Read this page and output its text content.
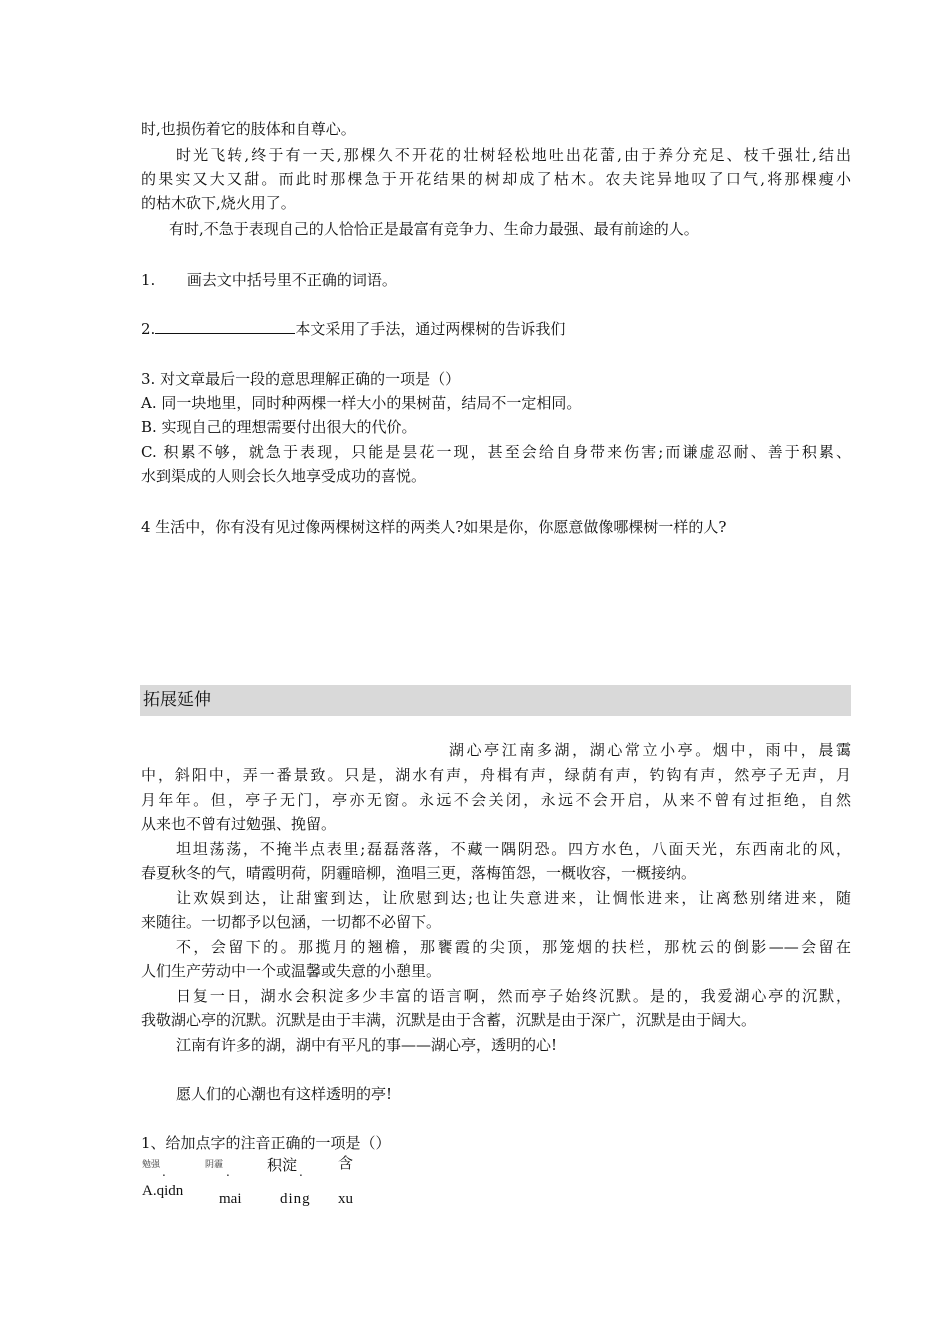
时,也损伤着它的肢体和自尊心。
时光飞转,终于有一天,那棵久不开花的壮树轻松地吐出花蕾,由于养分充足、枝千强壮,结出
的果实又大又甜。而此时那棵急于开花结果的树却成了枯木。农夫诧异地叹了口气,将那棵瘦小
的枯木砍下,烧火用了。
有时,不急于表现自己的人恰恰正是最富有竞争力、生命力最强、最有前途的人。
1. 画去文中括号里不正确的词语。
2.	本文采用了手法，通过两棵树的告诉我们
3. 对文章最后一段的意思理解正确的一项是（）
A. 同一块地里，同时种两棵一样大小的果树苗，结局不一定相同。
B. 实现自己的理想需要付出很大的代价。
C. 积累不够，就急于表现，只能是昙花一现，甚至会给自身带来伤害;而谦虚忍耐、善于积累、
水到渠成的人则会长久地享受成功的喜悦。
4 生活中，你有没有见过像两棵树这样的两类人?如果是你，你愿意做像哪棵树一样的人?
拓展延伸
湖心亭江南多湖，湖心常立小亭。烟中，雨中，晨霭
中，斜阳中，弄一番景致。只是，湖水有声，舟楫有声，绿荫有声，钓钩有声，然亭子无声，月
月年年。但，亭子无门，亭亦无窗。永远不会关闭，永远不会开启，从来不曾有过拒绝，自然
从来也不曾有过勉强、挽留。
坦坦荡荡，不掩半点表里;磊磊落落，不藏一隅阴恐。四方水色，八面天光，东西南北的风，
春夏秋冬的气，晴霞明荷，阴霾暗柳，渔唱三更，落梅笛怨，一概收容，一概接纳。
让欢娱到达，让甜蜜到达，让欣慰到达;也让失意进来，让惆怅进来，让离愁别绪进来，随
来随往。一切都予以包涵，一切都不必留下。
不，会留下的。那揽月的翘檐，那饔霞的尖顶，那笼烟的扶栏，那枕云的倒影——会留在
人们生产劳动中一个或温馨或失意的小憩里。
日复一日，湖水会积淀多少丰富的语言啊，然而亭子始终沉默。是的，我爱湖心亭的沉默，
我敬湖心亭的沉默。沉默是由于丰满，沉默是由于含蓄，沉默是由于深广，沉默是由于阔大。
江南有许多的湖，湖中有平凡的事——湖心亭，透明的心!
愿人们的心潮也有这样透明的亭!
1、给加点字的注音正确的一项是（）
勉强 .	阴霾 . 积淀 . 含
A.qidn mai	ding xu
